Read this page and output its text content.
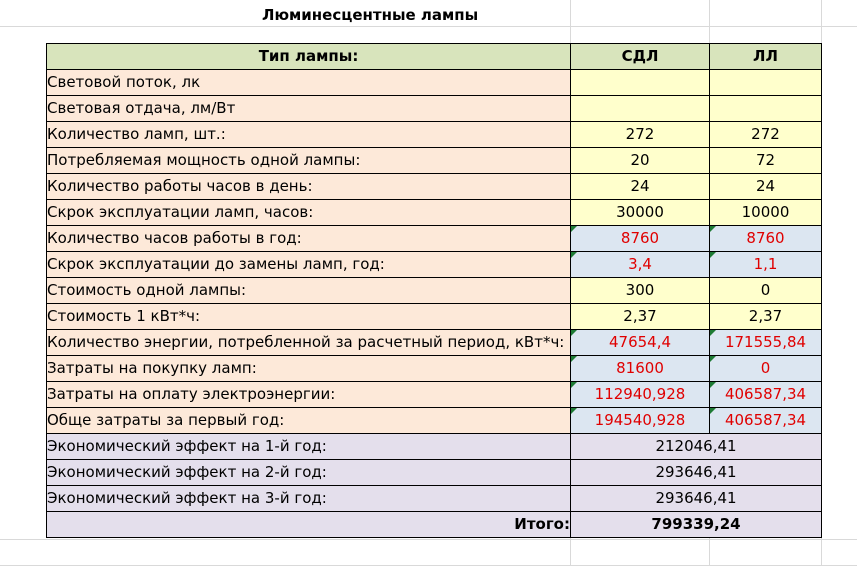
Люминесцентные лампы
Тип лампы:	СДЛ	ЛЛ
Световой поток, лк		
Световая отдача, лм/Вт		
Количество ламп, шт.:	272	272
Потребляемая мощность одной лампы:	20	72
Количество работы часов в день:	24	24
Скрок эксплуатации ламп, часов:	30000	10000
Количество часов работы в год:	8760	8760
Скрок эксплуатации до замены ламп, год:	3,4	1,1
Стоимость одной лампы:	300	0
Стоимость 1 кВт*ч:	2,37	2,37
Количество энергии, потребленной за расчетный период, кВт*ч:	47654,4	171555,84
Затраты на покупку ламп:	81600	0
Затраты на оплату электроэнергии:	112940,928	406587,34
Обще затраты за первый год:	194540,928	406587,34
Экономический эффект на 1-й год:	212046,41	
Экономический эффект на 2-й год:	293646,41	
Экономический эффект на 3-й год:	293646,41	
Итого:	799339,24	
